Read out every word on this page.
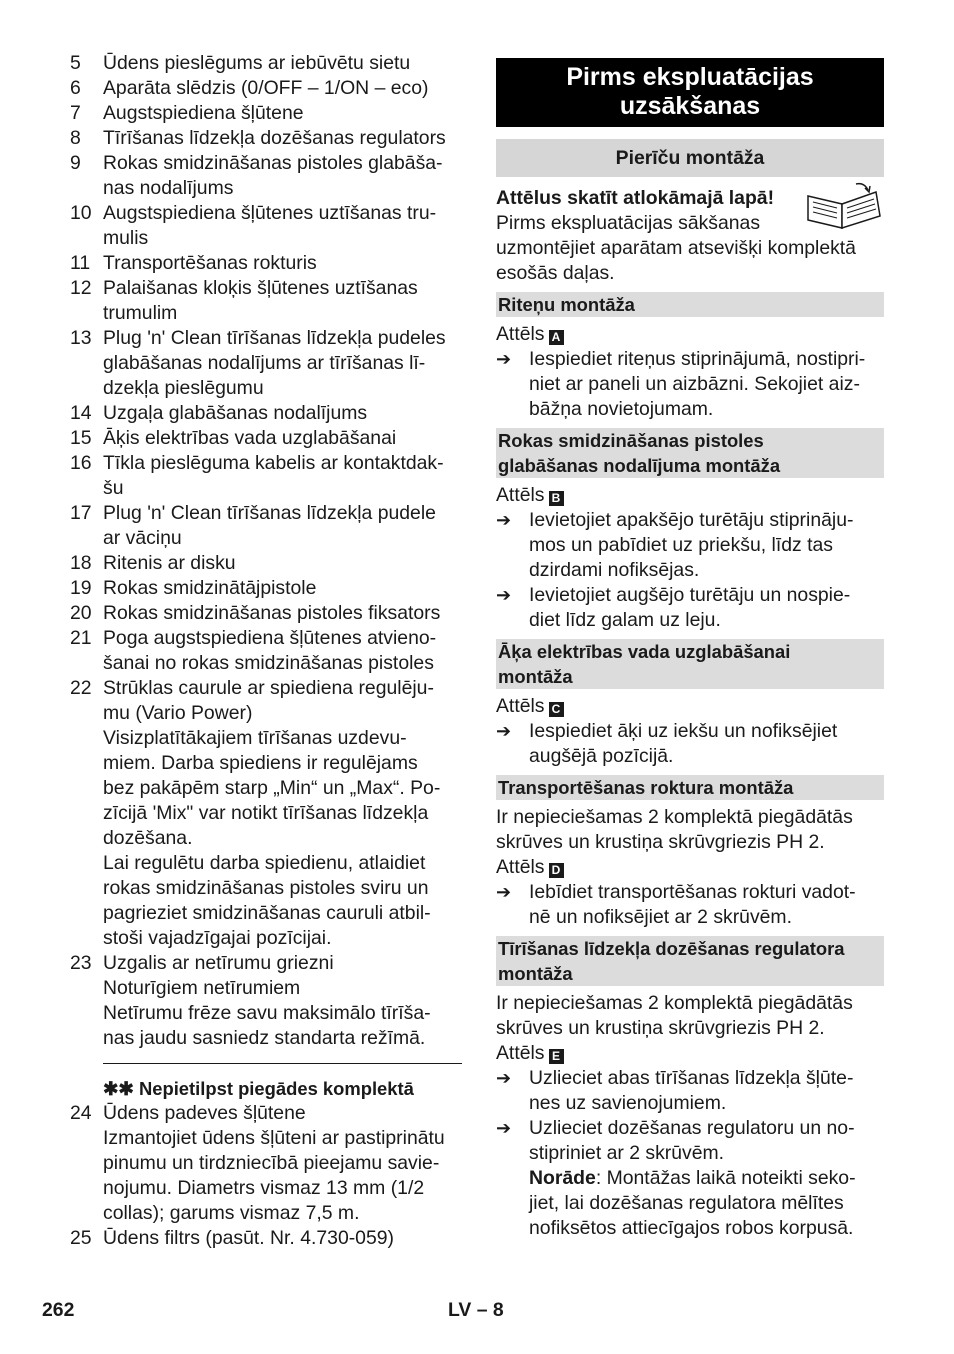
5	Ūdens pieslēgums ar iebūvētu sietu
6	Aparāta slēdzis (0/OFF – 1/ON – eco)
7	Augstspiediena šļūtene
8	Tīrīšanas līdzekļa dozēšanas regulators
9	Rokas smidzināšanas pistoles glabāša-
nas nodalījums
10 Augstspiediena šļūtenes uztīšanas tru-
mulis
11 Transportēšanas rokturis
12 Palaišanas kloķis šļūtenes uztīšanas
trumulim
13 Plug 'n' Clean tīrīšanas līdzekļa pudeles
glabāšanas nodalījums ar tīrīšanas lī-
dzekļa pieslēgumu
14 Uzgaļa glabāšanas nodalījums
15 Āķis elektrības vada uzglabāšanai
16 Tīkla pieslēguma kabelis ar kontaktdak-
šu
17 Plug 'n' Clean tīrīšanas līdzekļa pudele
ar vāciņu
18 Ritenis ar disku
19 Rokas smidzinātājpistole
20 Rokas smidzināšanas pistoles fiksators
21 Poga augstspiediena šļūtenes atvieno-
šanai no rokas smidzināšanas pistoles
22 Strūklas caurule ar spiediena regulēju-
mu (Vario Power)
Visizplatītākajiem tīrīšanas uzdevu-
miem. Darba spiediens ir regulējams
bez pakāpēm starp „Min“ un „Max“. Po-
zīcijā 'Mix" var notikt tīrīšanas līdzekļa
dozēšana.
Lai regulētu darba spiedienu, atlaidiet
rokas smidzināšanas pistoles sviru un
pagrieziet smidzināšanas cauruli atbil-
stoši vajadzīgajai pozīcijai.
23 Uzgalis ar netīrumu griezni
Noturīgiem netīrumiem
Netīrumu frēze savu maksimālo tīrīša-
nas jaudu sasniedz standarta režīmā.
✱✱ Nepietilpst piegādes komplektā
24 Ūdens padeves šļūtene
Izmantojiet ūdens šļūteni ar pastiprinātu
pinumu un tirdzniecībā pieejamu savie-
nojumu. Diametrs vismaz 13 mm (1/2
collas); garums vismaz 7,5 m.
25 Ūdens filtrs (pasūt. Nr. 4.730-059)
Pirms ekspluatācijas
uzsākšanas
Pierīču montāža
Attēlus skatīt atlokāmajā lapā!
Pirms ekspluatācijas sākšanas
uzmontējiet aparātam atsevišķi komplektā
esošās daļas.
Riteņu montāža
Attēls A
➔ Iespiediet riteņus stiprinājumā, nostipri-
niet ar paneli un aizbāzni. Sekojiet aiz-
bāžņa novietojumam.
Rokas smidzināšanas pistoles
glabāšanas nodalījuma montāža
Attēls B
➔ Ievietojiet apakšējo turētāju stiprināju-
mos un pabīdiet uz priekšu, līdz tas
dzirdami nofiksējas.
➔ Ievietojiet augšējo turētāju un nospie-
diet līdz galam uz leju.
Āķa elektrības vada uzglabāšanai
montāža
Attēls C
➔ Iespiediet āķi uz iekšu un nofiksējiet
augšējā pozīcijā.
Transportēšanas roktura montāža
Ir nepieciešamas 2 komplektā piegādātās
skrūves un krustiņa skrūvgriezis PH 2.
Attēls D
➔ Iebīdiet transportēšanas rokturi vadot-
nē un nofiksējiet ar 2 skrūvēm.
Tīrīšanas līdzekļa dozēšanas regulatora
montāža
Ir nepieciešamas 2 komplektā piegādātās
skrūves un krustiņa skrūvgriezis PH 2.
Attēls E
➔ Uzlieciet abas tīrīšanas līdzekļa šļūte-
nes uz savienojumiem.
➔ Uzlieciet dozēšanas regulatoru un no-
stipriniet ar 2 skrūvēm.
Norāde: Montāžas laikā noteikti seko-
jiet, lai dozēšanas regulatora mēlītes
nofiksētos attiecīgajos robos korpusā.
262	LV – 8
